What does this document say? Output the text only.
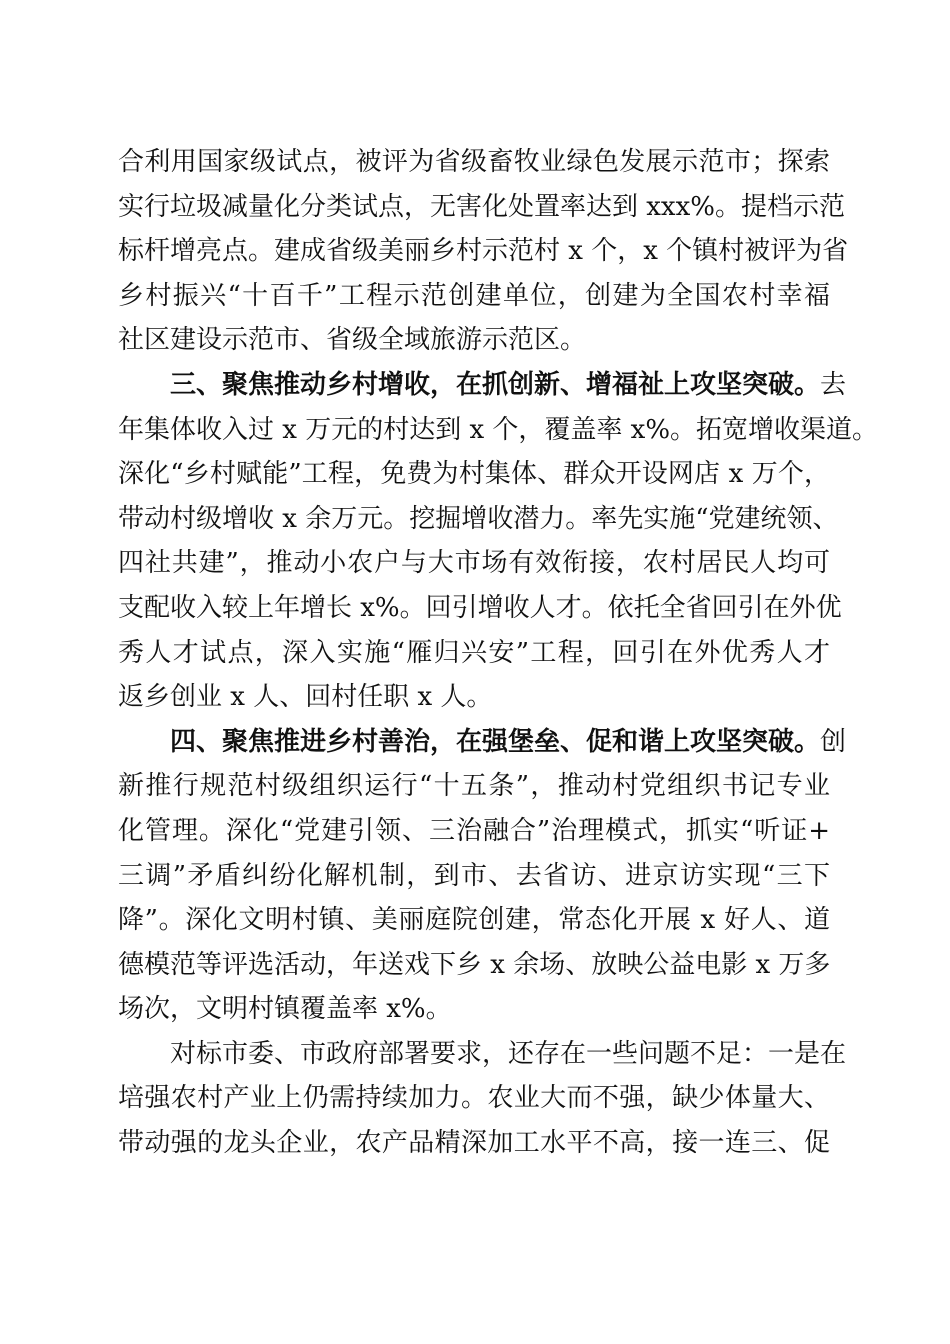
合利用国家级试点，被评为省级畜牧业绿色发展示范市；探索
实行垃圾减量化分类试点，无害化处置率达到 xxx%。提档示范
标杆增亮点。建成省级美丽乡村示范村 x 个，x 个镇村被评为省
乡村振兴“十百千”工程示范创建单位，创建为全国农村幸福
社区建设示范市、省级全域旅游示范区。
三、聚焦推动乡村增收，在抓创新、增福祉上攻坚突破。去
年集体收入过 x 万元的村达到 x 个，覆盖率 x%。拓宽增收渠道。
深化“乡村赋能”工程，免费为村集体、群众开设网店 x 万个，
带动村级增收 x 余万元。挖掘增收潜力。率先实施“党建统领、
四社共建”，推动小农户与大市场有效衔接，农村居民人均可
支配收入较上年增长 x%。回引增收人才。依托全省回引在外优
秀人才试点，深入实施“雁归兴安”工程，回引在外优秀人才
返乡创业 x 人、回村任职 x 人。
四、聚焦推进乡村善治，在强堡垒、促和谐上攻坚突破。创
新推行规范村级组织运行“十五条”，推动村党组织书记专业
化管理。深化“党建引领、三治融合”治理模式，抓实“听证+
三调”矛盾纠纷化解机制，到市、去省访、进京访实现“三下
降”。深化文明村镇、美丽庭院创建，常态化开展 x 好人、道
德模范等评选活动，年送戏下乡 x 余场、放映公益电影 x 万多
场次，文明村镇覆盖率 x%。
对标市委、市政府部署要求，还存在一些问题不足：一是在
培强农村产业上仍需持续加力。农业大而不强，缺少体量大、
带动强的龙头企业，农产品精深加工水平不高，接一连三、促
